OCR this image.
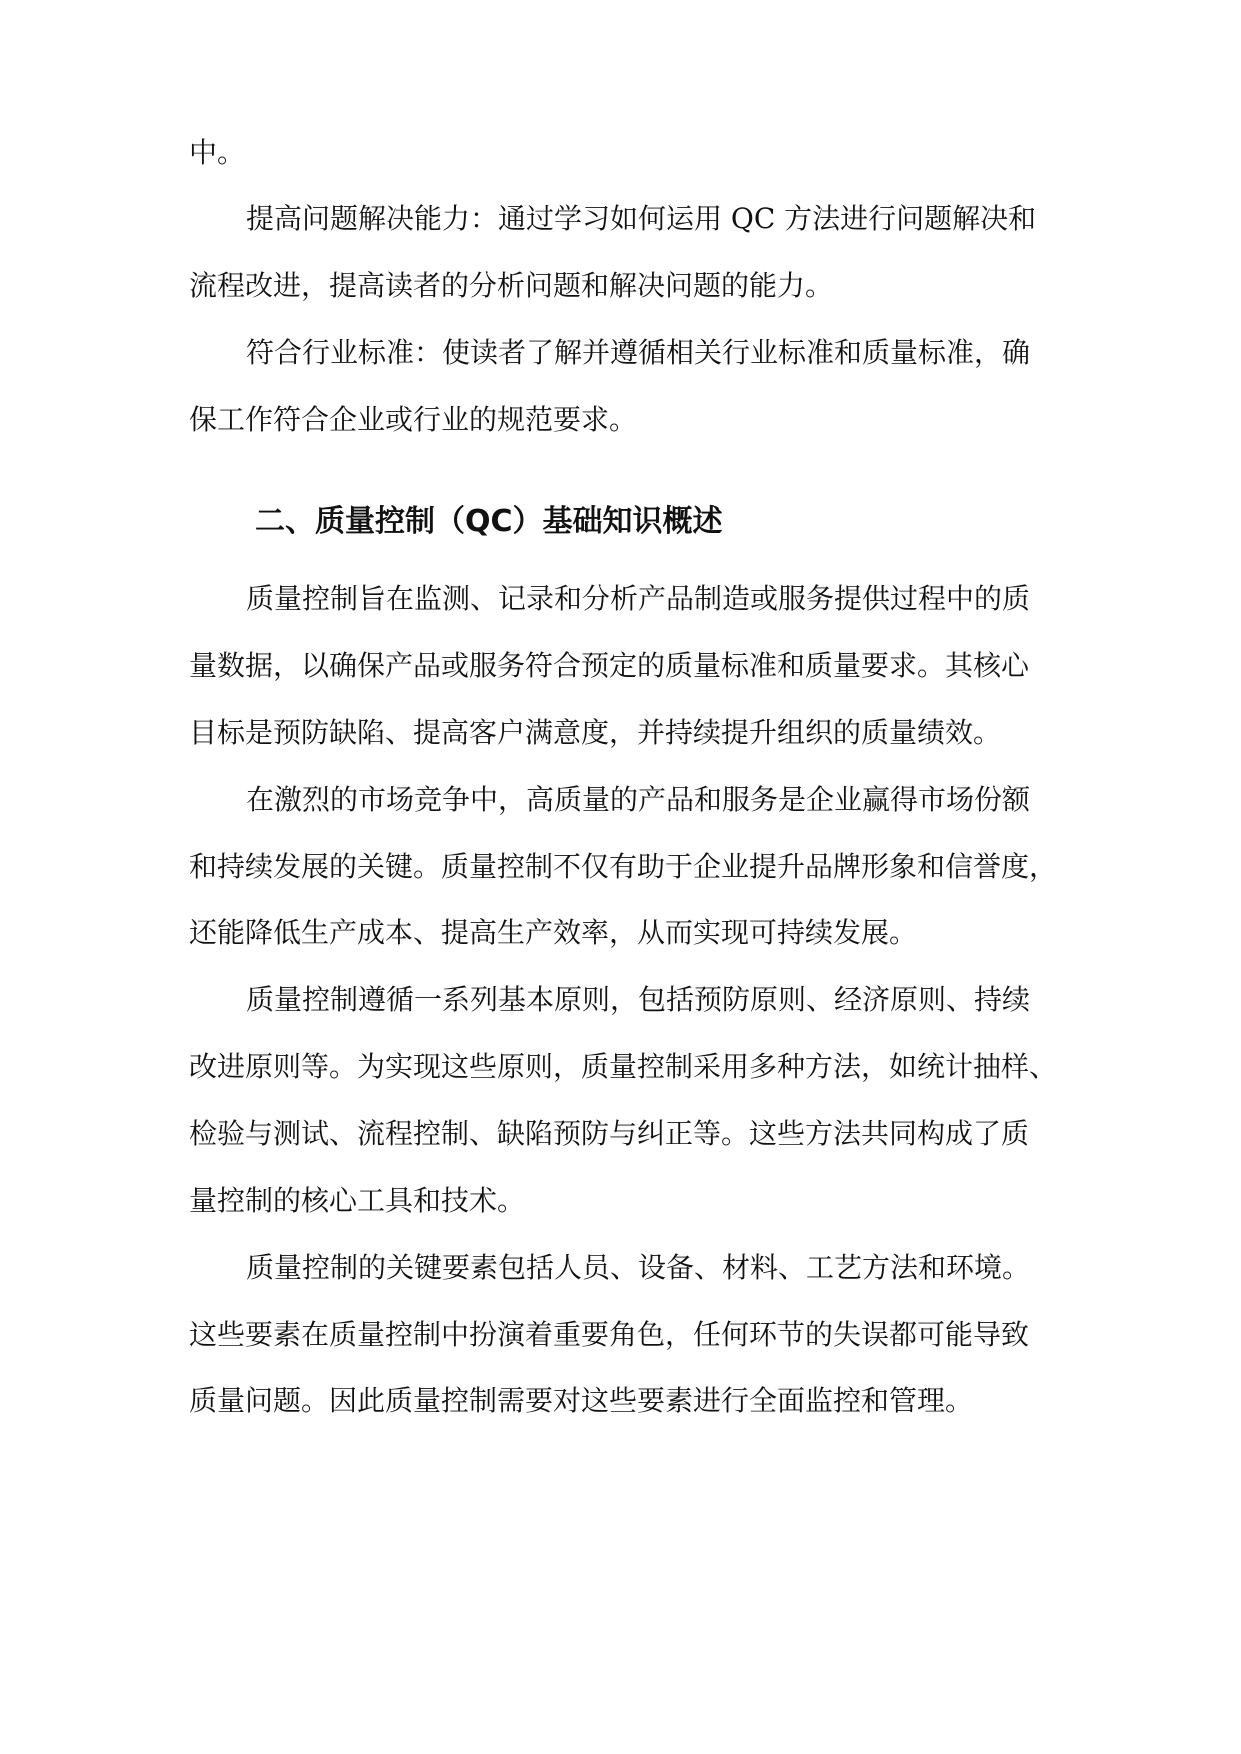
中。
提高问题解决能力：通过学习如何运用 QC 方法进行问题解决和
流程改进，提高读者的分析问题和解决问题的能力。
符合行业标准：使读者了解并遵循相关行业标准和质量标准，确
保工作符合企业或行业的规范要求。
二、质量控制（QC）基础知识概述
质量控制旨在监测、记录和分析产品制造或服务提供过程中的质
量数据，以确保产品或服务符合预定的质量标准和质量要求。其核心
目标是预防缺陷、提高客户满意度，并持续提升组织的质量绩效。
在激烈的市场竞争中，高质量的产品和服务是企业赢得市场份额
和持续发展的关键。质量控制不仅有助于企业提升品牌形象和信誉度，
还能降低生产成本、提高生产效率，从而实现可持续发展。
质量控制遵循一系列基本原则，包括预防原则、经济原则、持续
改进原则等。为实现这些原则，质量控制采用多种方法，如统计抽样、
检验与测试、流程控制、缺陷预防与纠正等。这些方法共同构成了质
量控制的核心工具和技术。
质量控制的关键要素包括人员、设备、材料、工艺方法和环境。
这些要素在质量控制中扮演着重要角色，任何环节的失误都可能导致
质量问题。因此质量控制需要对这些要素进行全面监控和管理。
